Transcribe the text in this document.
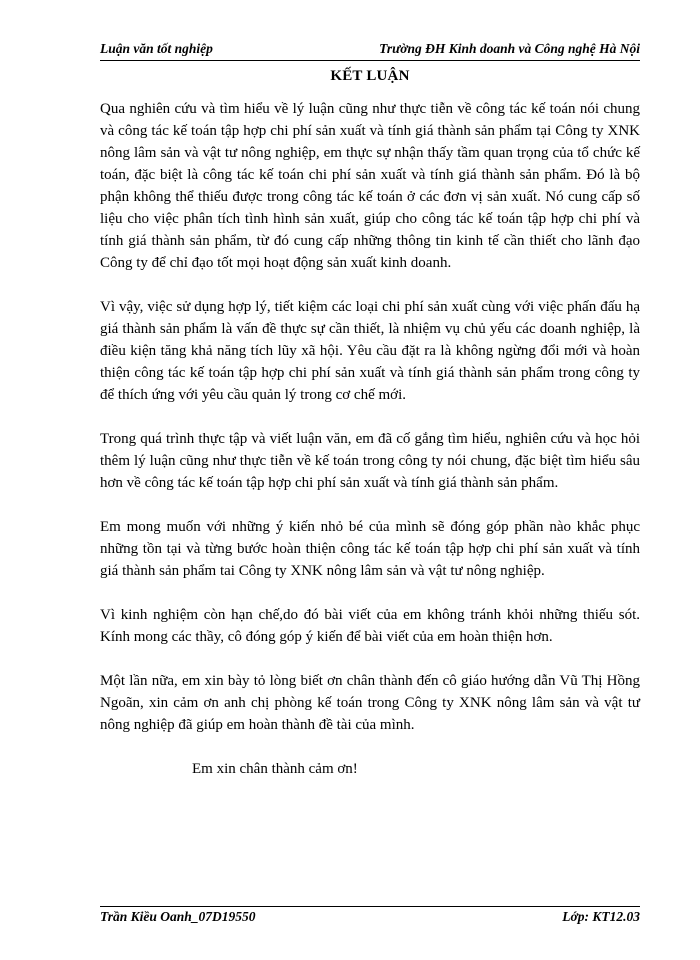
Luận văn tốt nghiệp	Trường ĐH Kinh doanh và Công nghệ Hà Nội
KẾT LUẬN

Qua nghiên cứu và tìm hiểu về lý luận cũng như thực tiễn về công tác kế toán nói chung và công tác kế toán tập hợp chi phí sản xuất và tính giá thành sản phẩm tại Công ty XNK nông lâm sản và vật tư nông nghiệp, em thực sự nhận thấy tầm quan trọng của tổ chức kế toán, đặc biệt là công tác kế toán chi phí sản xuất và tính giá thành sản phẩm. Đó là bộ phận không thể thiếu được trong công tác kế toán ở các đơn vị sản xuất. Nó cung cấp số liệu cho việc phân tích tình hình sản xuất, giúp cho công tác kế toán tập hợp chi phí và tính giá thành sản phẩm, từ đó cung cấp những thông tin kinh tế cần thiết cho lãnh đạo Công ty để chỉ đạo tốt mọi hoạt động sản xuất kinh doanh.

Vì vậy, việc sử dụng hợp lý, tiết kiệm các loại chi phí sản xuất cùng với việc phấn đấu hạ giá thành sản phẩm là vấn đề thực sự cần thiết, là nhiệm vụ chủ yếu các doanh nghiệp, là điều kiện tăng khả năng tích lũy xã hội. Yêu cầu đặt ra là không ngừng đổi mới và hoàn thiện công tác kế toán tập hợp chi phí sản xuất và tính giá thành sản phẩm trong công ty để thích ứng với yêu cầu quản lý trong cơ chế mới.

Trong quá trình thực tập và viết luận văn, em đã cố gắng tìm hiểu, nghiên cứu và học hỏi thêm lý luận cũng như thực tiễn về kế toán trong công ty nói chung, đặc biệt tìm hiểu sâu hơn về công tác kế toán tập hợp chi phí sản xuất và tính giá thành sản phẩm.

Em mong muốn với những ý kiến nhỏ bé của mình sẽ đóng góp phần nào khắc phục những tồn tại và từng bước hoàn thiện công tác kế toán tập hợp chi phí sản xuất và tính giá thành sản phẩm tai Công ty XNK nông lâm sản và vật tư nông nghiệp.

Vì kinh nghiệm còn hạn chế,do đó bài viết của em không tránh khỏi những thiếu sót. Kính mong các thầy, cô đóng góp ý kiến để bài viết của em hoàn thiện hơn.

Một lần nữa, em xin bày tỏ lòng biết ơn chân thành đến cô giáo hướng dẫn Vũ Thị Hồng Ngoãn, xin cảm ơn anh chị phòng kế toán trong Công ty XNK nông lâm sản và vật tư nông nghiệp đã giúp em hoàn thành đề tài của mình.

Em xin chân thành cảm ơn!

Trần Kiều Oanh_07D19550	Lớp: KT12.03
